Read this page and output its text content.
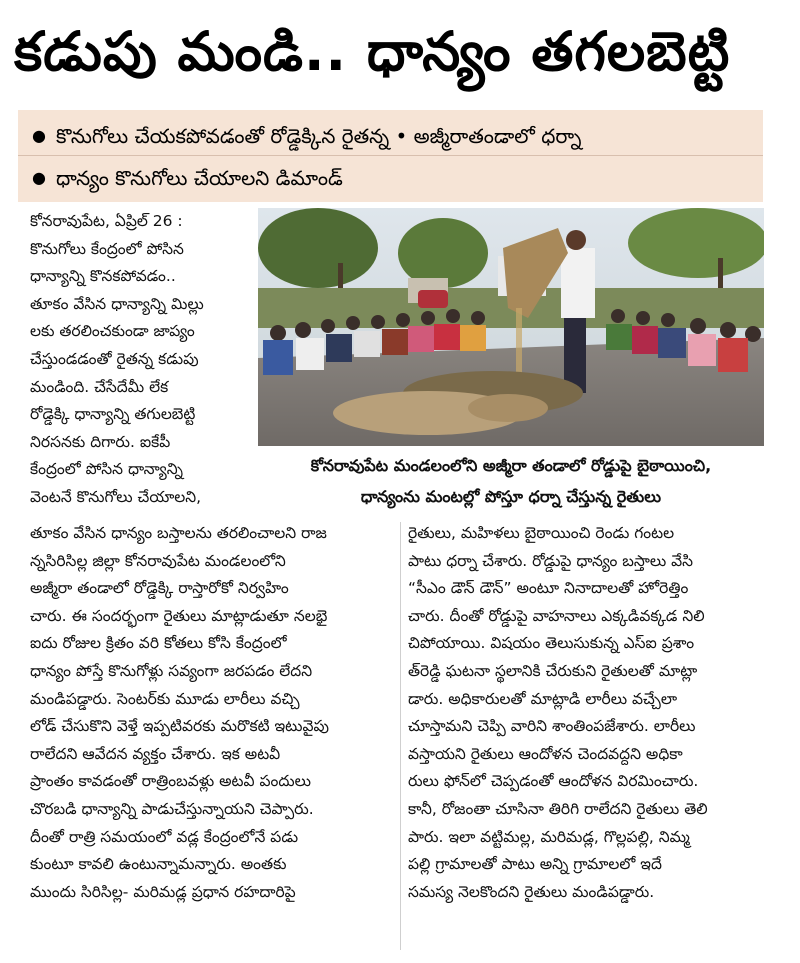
కడుపు మండి.. ధాన్యం తగలబెట్టి
● కొనుగోలు చేయకపోవడంతో రోడ్డెక్కిన రైతన్న • అజ్మీరాతండాలో ధర్నా
● ధాన్యం కొనుగోలు చేయాలని డిమాండ్
కోనరావుపేట మండలంలోని అజ్మీరా తండాలో రోడ్డుపై బైఠాయించి,
ధాన్యంను మంటల్లో పోస్తూ ధర్నా చేస్తున్న రైతులు
కోనరావుపేట, ఏప్రిల్ 26 :
కొనుగోలు కేంద్రంలో పోసిన
ధాన్యాన్ని కొనకపోవడం..
తూకం వేసిన ధాన్యాన్ని మిల్లు
లకు తరలించకుండా జాప్యం
చేస్తుండడంతో రైతన్న కడుపు
మండింది. చేసేదేమీ లేక
రోడ్డెక్కి ధాన్యాన్ని తగులబెట్టి
నిరసనకు దిగారు. ఐకేపీ
కేంద్రంలో పోసిన ధాన్యాన్ని
వెంటనే కొనుగోలు చేయాలని,
తూకం వేసిన ధాన్యం బస్తాలను తరలించాలని రాజ
న్నసిరిసిల్ల జిల్లా కోనరావుపేట మండలంలోని
అజ్మీరా తండాలో రోడ్డెక్కి రాస్తారోకో నిర్వహిం
చారు. ఈ సందర్భంగా రైతులు మాట్లాడుతూ నలభై
ఐదు రోజుల క్రితం వరి కోతలు కోసి కేంద్రంలో
ధాన్యం పోస్తే కొనుగోళ్లు సవ్యంగా జరపడం లేదని
మండిపడ్డారు. సెంటర్‌కు మూడు లారీలు వచ్చి
లోడ్ చేసుకొని వెళ్తే ఇప్పటివరకు మరొకటి ఇటువైపు
రాలేదని ఆవేదన వ్యక్తం చేశారు. ఇక అటవీ
ప్రాంతం కావడంతో రాత్రింబవళ్లు అటవీ పందులు
చొరబడి ధాన్యాన్ని పాడుచేస్తున్నాయని చెప్పారు.
దీంతో రాత్రి సమయంలో వడ్ల కేంద్రంలోనే పడు
కుంటూ కావలి ఉంటున్నామన్నారు. అంతకు
ముందు సిరిసిల్ల- మరిమడ్ల ప్రధాన రహదారిపై
రైతులు, మహిళలు బైఠాయించి రెండు గంటల
పాటు ధర్నా చేశారు. రోడ్డుపై ధాన్యం బస్తాలు వేసి
“సీఎం డౌన్ డౌన్” అంటూ నినాదాలతో హోరెత్తిం
చారు. దీంతో రోడ్డుపై వాహనాలు ఎక్కడివక్కడ నిలి
చిపోయాయి. విషయం తెలుసుకున్న ఎస్ఐ ప్రశాం
త్‌రెడ్డి ఘటనా స్థలానికి చేరుకుని రైతులతో మాట్లా
డారు. అధికారులతో మాట్లాడి లారీలు వచ్చేలా
చూస్తామని చెప్పి వారిని శాంతింపజేశారు. లారీలు
వస్తాయని రైతులు ఆందోళన చెందవద్దని అధికా
రులు ఫోన్‌లో చెప్పడంతో ఆందోళన విరమించారు.
కానీ, రోజంతా చూసినా తిరిగి రాలేదని రైతులు తెలి
పారు. ఇలా వట్టిమల్ల, మరిమడ్ల, గొల్లపల్లి, నిమ్మ
పల్లి గ్రామాలతో పాటు అన్ని గ్రామాలలో ఇదే
సమస్య నెలకొందని రైతులు మండిపడ్డారు.
